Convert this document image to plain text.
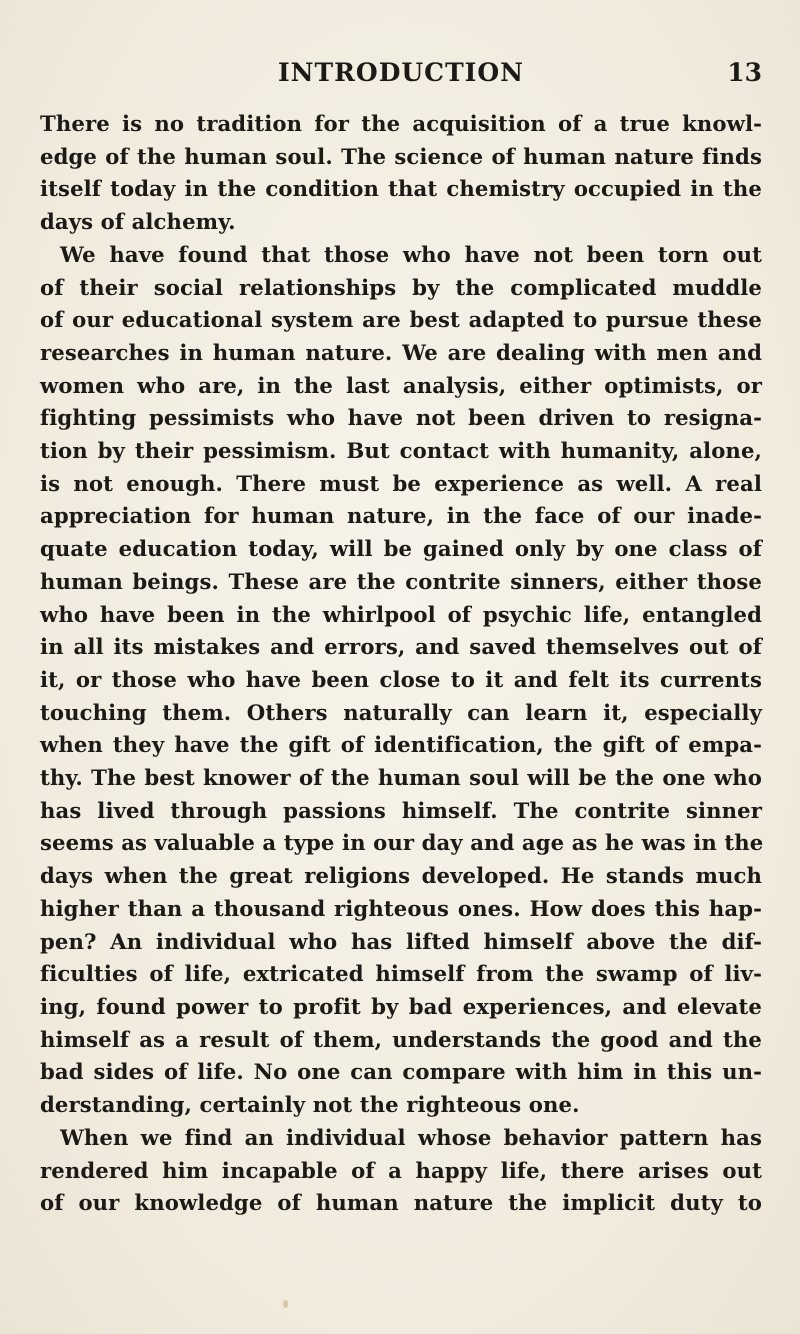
INTRODUCTION	13
There is no tradition for the acquisition of a true knowl-
edge of the human soul. The science of human nature finds
itself today in the condition that chemistry occupied in the
days of alchemy.
We have found that those who have not been torn out
of their social relationships by the complicated muddle
of our educational system are best adapted to pursue these
researches in human nature. We are dealing with men and
women who are, in the last analysis, either optimists, or
fighting pessimists who have not been driven to resigna-
tion by their pessimism. But contact with humanity, alone,
is not enough. There must be experience as well. A real
appreciation for human nature, in the face of our inade-
quate education today, will be gained only by one class of
human beings. These are the contrite sinners, either those
who have been in the whirlpool of psychic life, entangled
in all its mistakes and errors, and saved themselves out of
it, or those who have been close to it and felt its currents
touching them. Others naturally can learn it, especially
when they have the gift of identification, the gift of empa-
thy. The best knower of the human soul will be the one who
has lived through passions himself. The contrite sinner
seems as valuable a type in our day and age as he was in the
days when the great religions developed. He stands much
higher than a thousand righteous ones. How does this hap-
pen? An individual who has lifted himself above the dif-
ficulties of life, extricated himself from the swamp of liv-
ing, found power to profit by bad experiences, and elevate
himself as a result of them, understands the good and the
bad sides of life. No one can compare with him in this un-
derstanding, certainly not the righteous one.
When we find an individual whose behavior pattern has
rendered him incapable of a happy life, there arises out
of our knowledge of human nature the implicit duty to
